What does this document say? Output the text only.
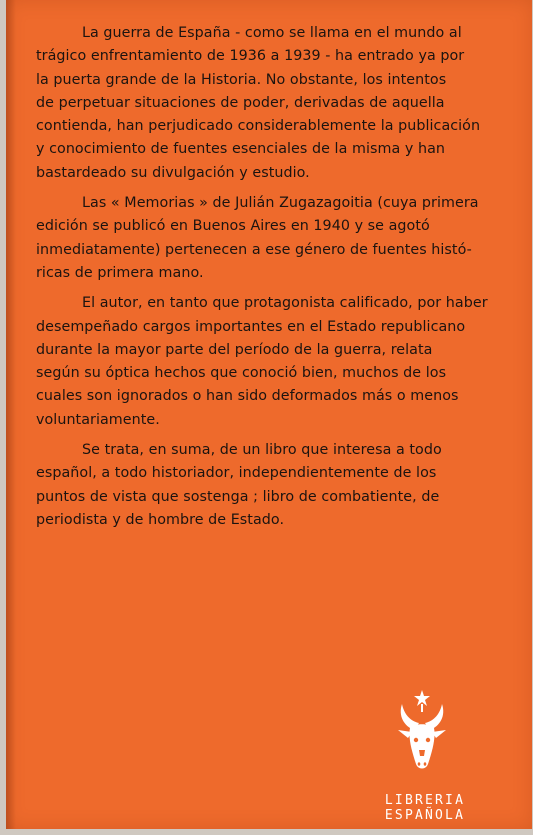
La guerra de España - como se llama en el mundo al
trágico enfrentamiento de 1936 a 1939 - ha entrado ya por
la puerta grande de la Historia. No obstante, los intentos
de perpetuar situaciones de poder, derivadas de aquella
contienda, han perjudicado considerablemente la publicación
y conocimiento de fuentes esenciales de la misma y han
bastardeado su divulgación y estudio.

Las « Memorias » de Julián Zugazagoitia (cuya primera
edición se publicó en Buenos Aires en 1940 y se agotó
inmediatamente) pertenecen a ese género de fuentes histó-
ricas de primera mano.

El autor, en tanto que protagonista calificado, por haber
desempeñado cargos importantes en el Estado republicano
durante la mayor parte del período de la guerra, relata
según su óptica hechos que conoció bien, muchos de los
cuales son ignorados o han sido deformados más o menos
voluntariamente.

Se trata, en suma, de un libro que interesa a todo
español, a todo historiador, independientemente de los
puntos de vista que sostenga ; libro de combatiente, de
periodista y de hombre de Estado.

LIBRERIA ESPAÑOLA
